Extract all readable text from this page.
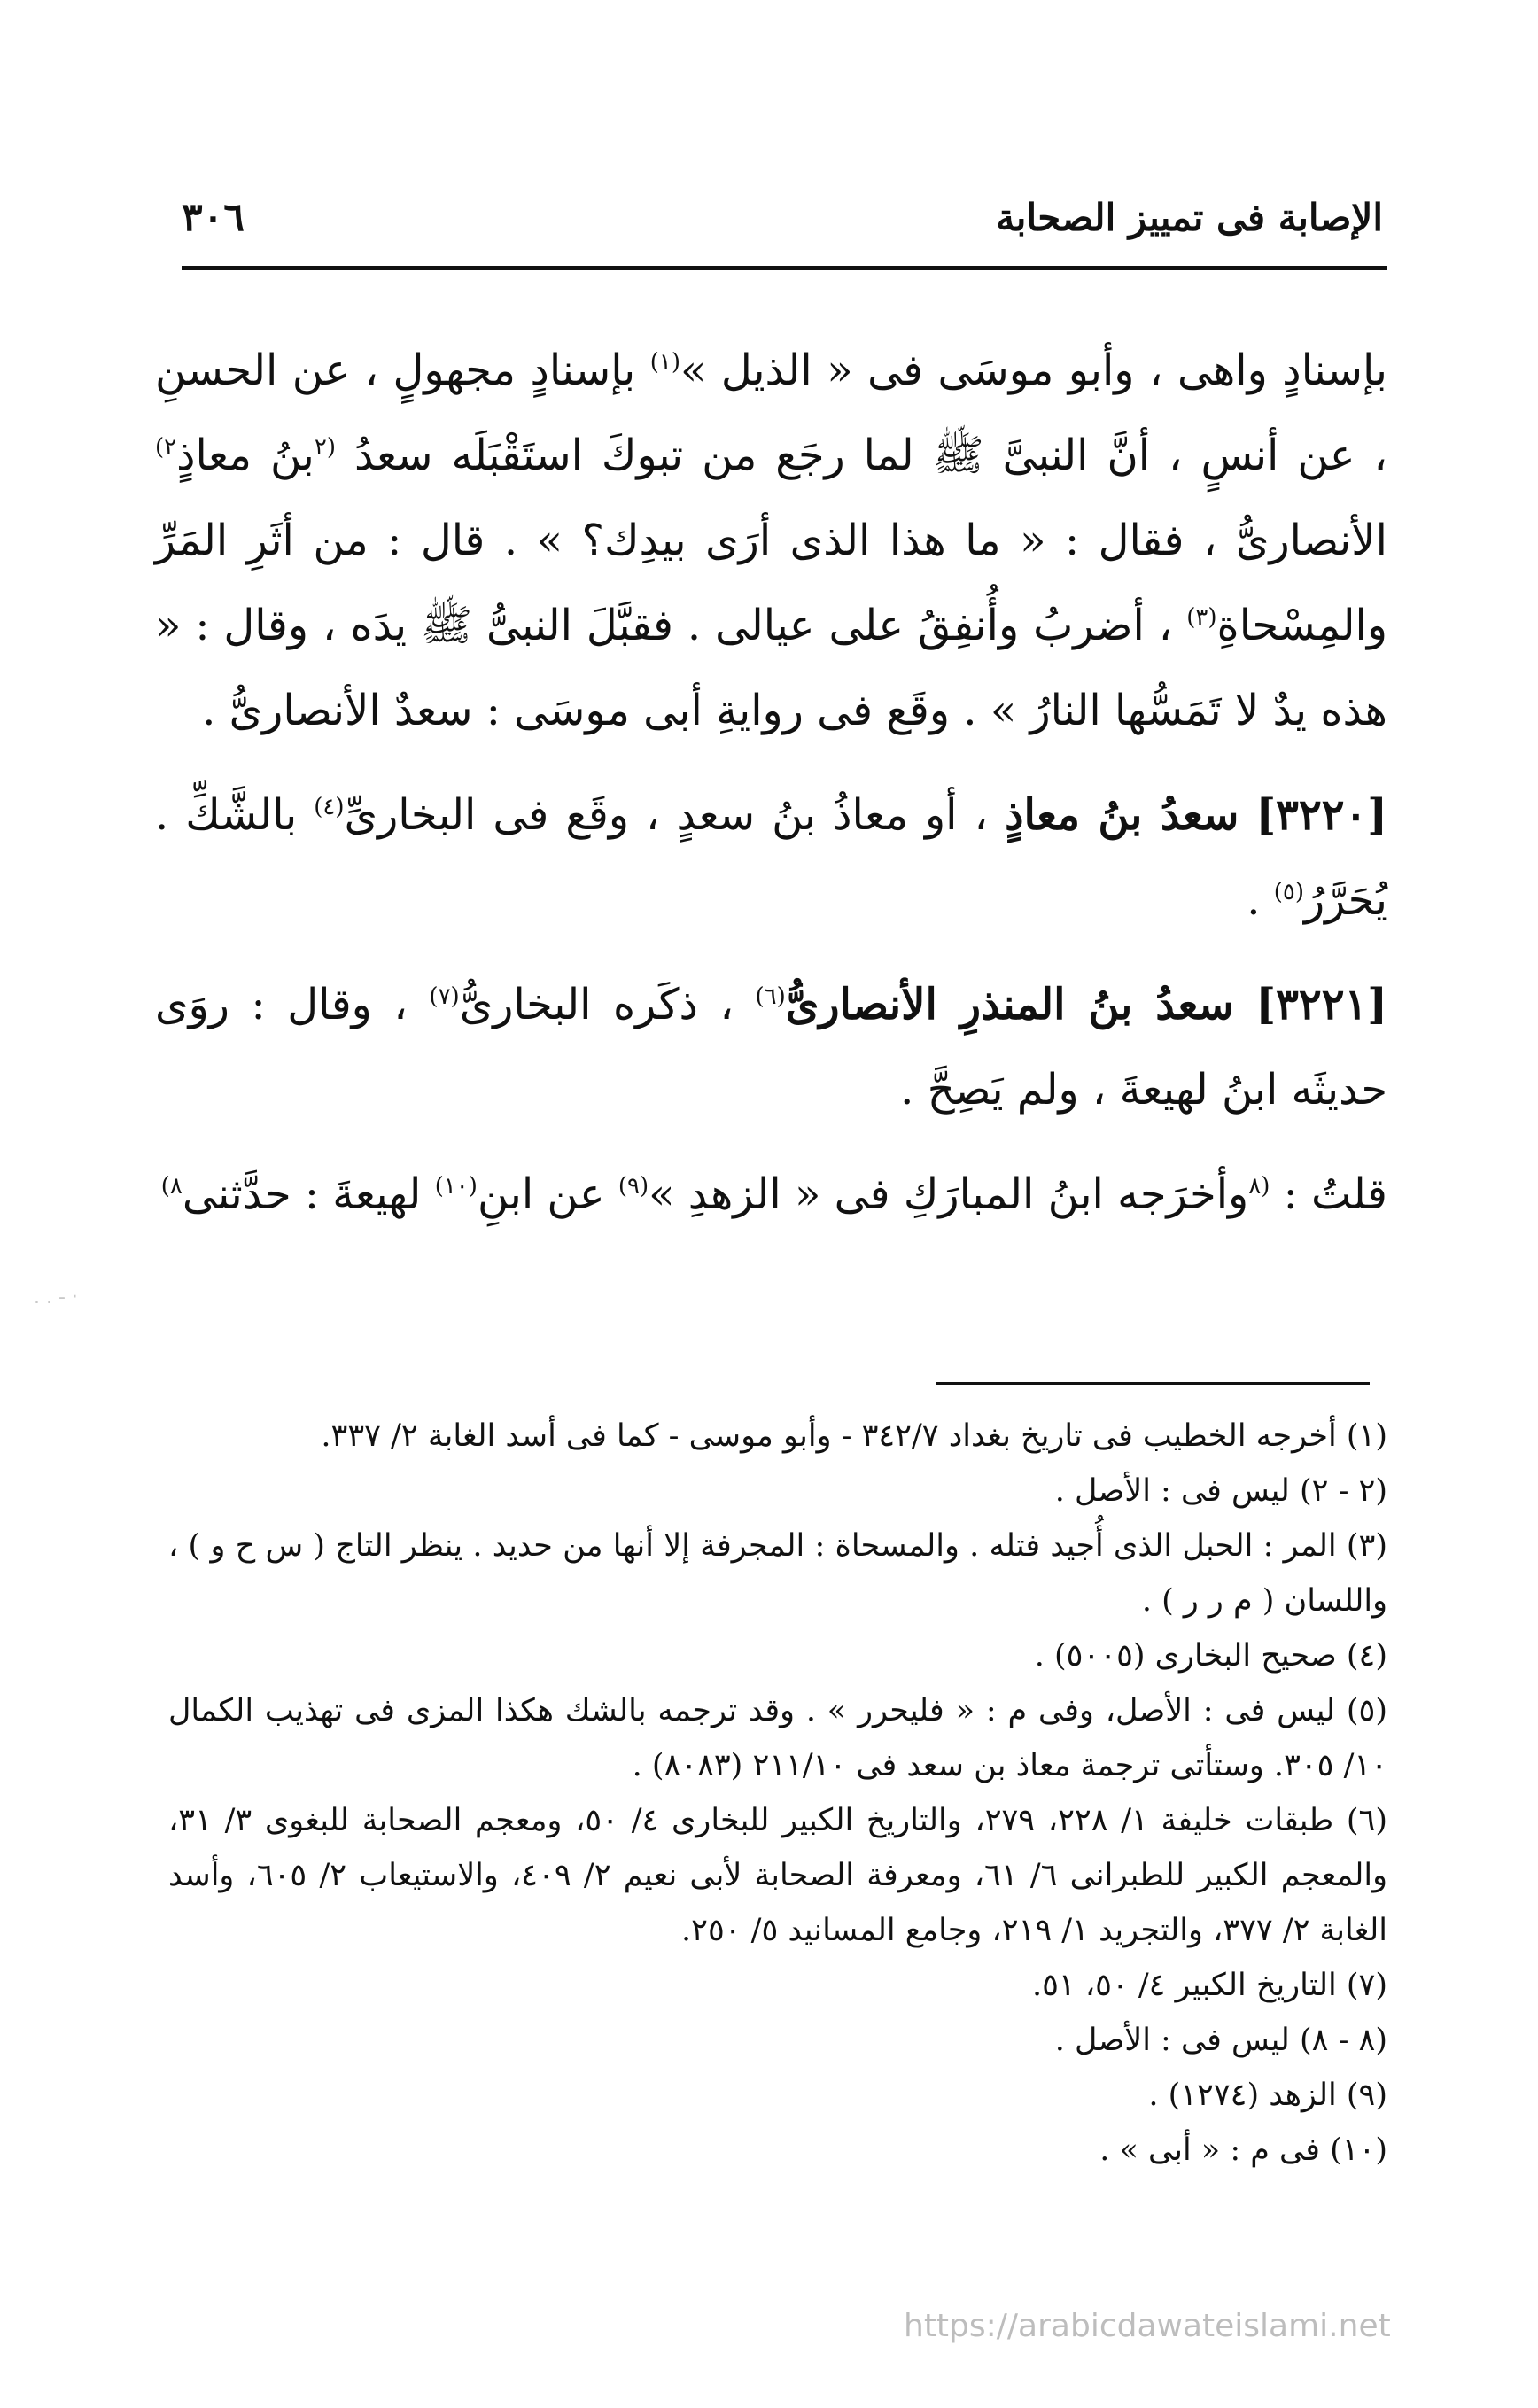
الإصابة فى تمييز الصحابة
٣٠٦

بإسنادٍ واهى ، وأبو موسَى فى « الذيل »$^{(١)}$ بإسنادٍ مجهولٍ ، عن الحسنِ ، عن أنسٍ ، أنَّ النبىَّ ﷺ لما رجَع من تبوكَ استَقْبَلَه سعدُ $^{(٢}$بنُ معاذٍ$^{٢)}$ الأنصارىُّ ، فقال : « ما هذا الذى أرَى بيدِك؟ » . قال : من أثَرِ المَرِّ والمِسْحاةِ$^{(٣)}$ ، أضربُ وأُنفِقُ على عيالى . فقبَّلَ النبىُّ ﷺ يدَه ، وقال : « هذه يدٌ لا تَمَسُّها النارُ » . وقَع فى روايةِ أبى موسَى : سعدٌ الأنصارىُّ .

[٣٢٢٠] سعدُ بنُ معاذٍ ، أو معاذُ بنُ سعدٍ ، وقَع فى البخارىِّ$^{(٤)}$ بالشَّكِّ . يُحَرَّرُ$^{(٥)}$ .

[٣٢٢١] سعدُ بنُ المنذرِ الأنصارىُّ$^{(٦)}$ ، ذكَره البخارىُّ$^{(٧)}$ ، وقال : روَى حديثَه ابنُ لهيعةَ ، ولم يَصِحَّ .

قلتُ : $^{(٨}$وأخرَجه ابنُ المبارَكِ فى « الزهدِ »$^{(٩)}$ عن ابنِ$^{(١٠)}$ لهيعةَ : حدَّثنى$^{٨)}$

(١) أخرجه الخطيب فى تاريخ بغداد ٣٤٢/٧ - وأبو موسى - كما فى أسد الغابة ٢/ ٣٣٧.

(٢ - ٢) ليس فى : الأصل .

(٣) المر : الحبل الذى أُجيد فتله . والمسحاة : المجرفة إلا أنها من حديد . ينظر التاج ( س ح و ) ، واللسان ( م ر ر ) .

(٤) صحيح البخارى (٥٠٠٥) .

(٥) ليس فى : الأصل، وفى م : « فليحرر » . وقد ترجمه بالشك هكذا المزى فى تهذيب الكمال ١٠/ ٣٠٥. وستأتى ترجمة معاذ بن سعد فى ٢١١/١٠ (٨٠٨٣) .

(٦) طبقات خليفة ١/ ٢٢٨، ٢٧٩، والتاريخ الكبير للبخارى ٤/ ٥٠، ومعجم الصحابة للبغوى ٣/ ٣١، والمعجم الكبير للطبرانى ٦/ ٦١، ومعرفة الصحابة لأبى نعيم ٢/ ٤٠٩، والاستيعاب ٢/ ٦٠٥، وأسد الغابة ٢/ ٣٧٧، والتجريد ١/ ٢١٩، وجامع المسانيد ٥/ ٢٥٠.

(٧) التاريخ الكبير ٤/ ٥٠، ٥١.

(٨ - ٨) ليس فى : الأصل .

(٩) الزهد (١٢٧٤) .

(١٠) فى م : « أبى » .

· - . .
https://arabicdawateislami.net
